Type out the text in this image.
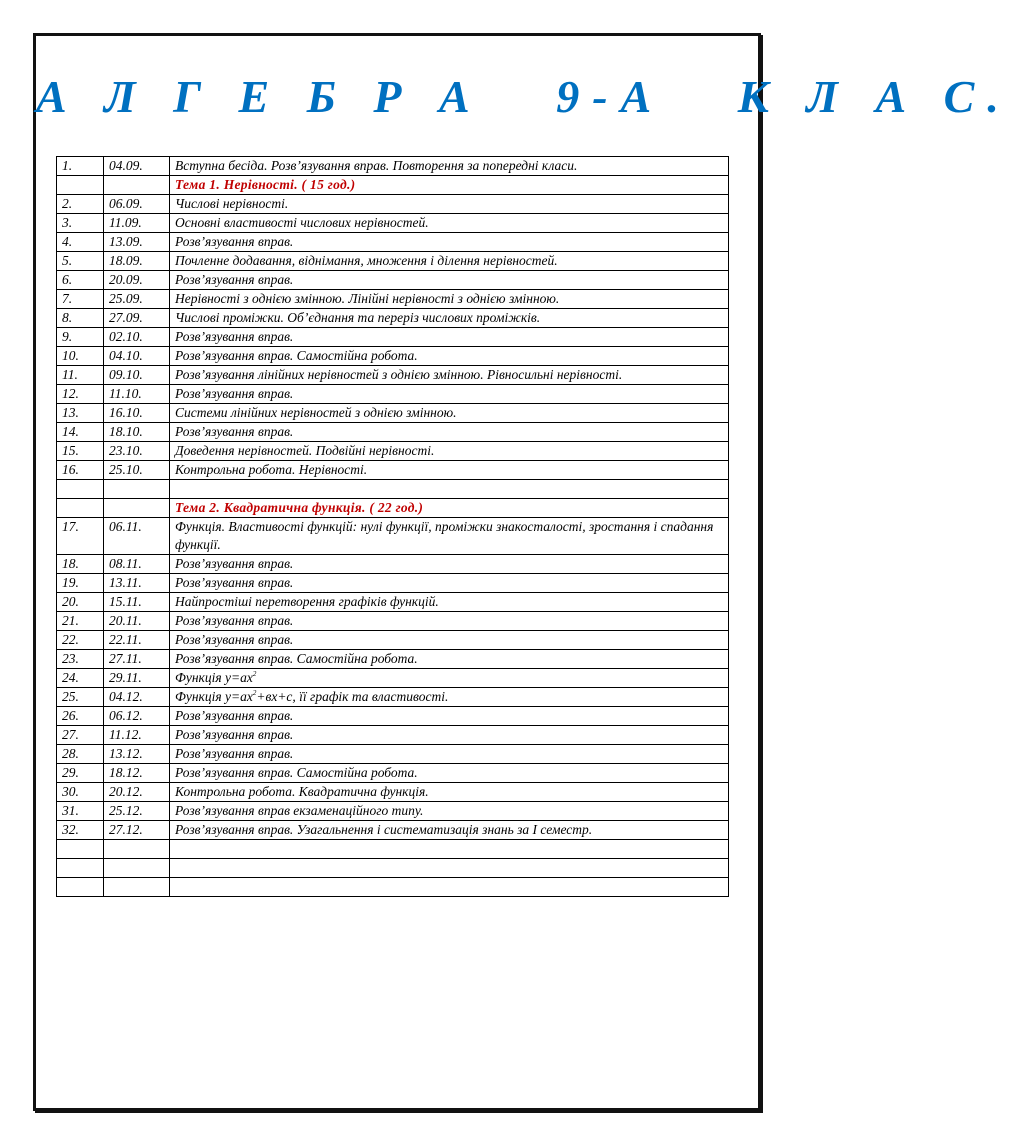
А Л Г Е Б Р А   9-А   К Л А С.
1.	04.09.	Вступна бесіда. Розв’язування вправ. Повторення за попередні класи.
		Тема 1. Нерівності. ( 15 год.)
2.	06.09.	Числові нерівності.
3.	11.09.	Основні властивості числових нерівностей.
4.	13.09.	Розв’язування вправ.
5.	18.09.	Почленне додавання, віднімання, множення і ділення нерівностей.
6.	20.09.	Розв’язування вправ.
7.	25.09.	Нерівності з однією змінною. Лінійні нерівності з однією змінною.
8.	27.09.	Числові проміжки. Об’єднання та переріз числових проміжків.
9.	02.10.	Розв’язування вправ.
10.	04.10.	Розв’язування вправ. Самостійна робота.
11.	09.10.	Розв’язування лінійних нерівностей з однією змінною. Рівносильні нерівності.
12.	11.10.	Розв’язування вправ.
13.	16.10.	Системи лінійних нерівностей з однією змінною.
14.	18.10.	Розв’язування вправ.
15.	23.10.	Доведення нерівностей. Подвійні нерівності.
16.	25.10.	Контрольна робота. Нерівності.

		Тема 2. Квадратична функція. ( 22 год.)
17.	06.11.	Функція. Властивості функцій: нулі функції, проміжки знакосталості, зростання і спадання функції.
18.	08.11.	Розв’язування вправ.
19.	13.11.	Розв’язування вправ.
20.	15.11.	Найпростіші перетворення графіків функцій.
21.	20.11.	Розв’язування вправ.
22.	22.11.	Розв’язування вправ.
23.	27.11.	Розв’язування вправ. Самостійна робота.
24.	29.11.	Функція $y=ax^2$
25.	04.12.	Функція $y=ax^2+вх+с$, її графік та властивості.
26.	06.12.	Розв’язування вправ.
27.	11.12.	Розв’язування вправ.
28.	13.12.	Розв’язування вправ.
29.	18.12.	Розв’язування вправ. Самостійна робота.
30.	20.12.	Контрольна робота. Квадратична функція.
31.	25.12.	Розв’язування вправ екзаменаційного типу.
32.	27.12.	Розв’язування вправ. Узагальнення і систематизація знань за І семестр.
